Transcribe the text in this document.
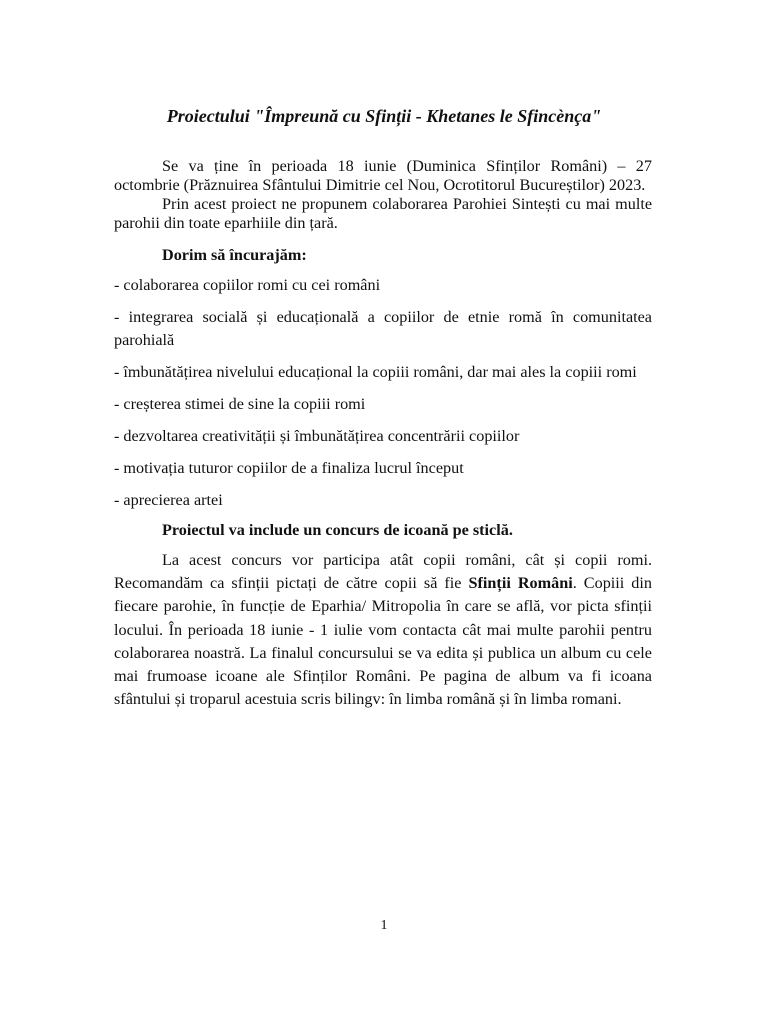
Proiectului "Împreună cu Sfinții - Khetanes le Sfincènça"

Se va ține în perioada 18 iunie (Duminica Sfinților Români) – 27 octombrie (Prăznuirea Sfântului Dimitrie cel Nou, Ocrotitorul Bucureștilor) 2023.

Prin acest proiect ne propunem colaborarea Parohiei Sintești cu mai multe parohii din toate eparhiile din țară.

Dorim să încurajăm:

- colaborarea copiilor romi cu cei români

- integrarea socială și educațională a copiilor de etnie romă în comunitatea parohială

- îmbunătățirea nivelului educațional la copiii români, dar mai ales la copiii romi

- creșterea stimei de sine la copiii romi

- dezvoltarea creativității și îmbunătățirea concentrării copiilor

- motivația tuturor copiilor de a finaliza lucrul început

- aprecierea artei

Proiectul va include un concurs de icoană pe sticlă.

La acest concurs vor participa atât copii români, cât și copii romi. Recomandăm ca sfinții pictați de către copii să fie Sfinții Români. Copiii din fiecare parohie, în funcție de Eparhia/ Mitropolia în care se află, vor picta sfinții locului. În perioada 18 iunie - 1 iulie vom contacta cât mai multe parohii pentru colaborarea noastră. La finalul concursului se va edita și publica un album cu cele mai frumoase icoane ale Sfinților Români. Pe pagina de album va fi icoana sfântului și troparul acestuia scris bilingv: în limba română și în limba romani.

1
